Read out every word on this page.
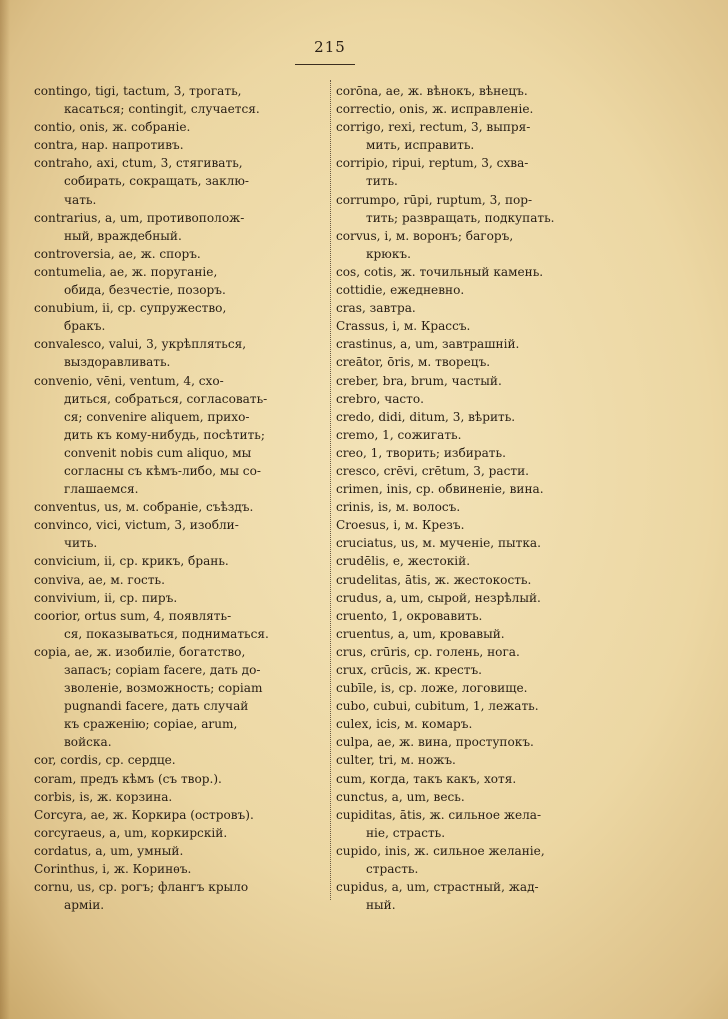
215
contingo, tigi, tactum, 3, трогать,
касаться; contingit, случается.
contio, onis, ж. собраніе.
contra, нар. напротивъ.
contraho, axi, ctum, 3, стягивать,
собирать, сокращать, заклю-
чать.
contrarius, a, um, противополож-
ный, враждебный.
controversia, ae, ж. споръ.
contumelia, ae, ж. поруганіе,
обида, безчестіе, позоръ.
conubium, ii, ср. супружество,
бракъ.
convalesco, valui, 3, укрѣпляться,
выздоравливать.
convenio, vēni, ventum, 4, схо-
диться, собраться, согласовать-
ся; convenire aliquem, прихо-
дить къ кому-нибудь, посѣтить;
convenit nobis cum aliquo, мы
согласны съ кѣмъ-либо, мы со-
глашаемся.
conventus, us, м. собраніе, съѣздъ.
convinco, vici, victum, 3, изобли-
чить.
convicium, ii, ср. крикъ, брань.
conviva, ae, м. гость.
convivium, ii, ср. пиръ.
coorior, ortus sum, 4, появлять-
ся, показываться, подниматься.
copia, ae, ж. изобиліе, богатство,
запасъ; copiam facere, дать до-
зволеніе, возможность; copiam
pugnandi facere, дать случай
къ сраженію; copiae, arum,
войска.
cor, cordis, ср. сердце.
coram, предъ кѣмъ (съ твор.).
corbis, is, ж. корзина.
Corcyra, ae, ж. Коркира (островъ).
corcyraeus, a, um, коркирскій.
cordatus, a, um, умный.
Corinthus, i, ж. Коринѳъ.
cornu, us, ср. рогъ; флангъ крыло
арміи.
corōna, ae, ж. вѣнокъ, вѣнецъ.
correctio, onis, ж. исправленіе.
corrigo, rexi, rectum, 3, выпря-
мить, исправить.
corripio, ripui, reptum, 3, схва-
тить.
corrumpo, rūpi, ruptum, 3, пор-
тить; развращать, подкупать.
corvus, i, м. воронъ; багоръ,
крюкъ.
cos, cotis, ж. точильный камень.
cottidie, ежедневно.
cras, завтра.
Crassus, i, м. Крассъ.
crastinus, a, um, завтрашній.
creātor, ōris, м. творецъ.
creber, bra, brum, частый.
crebro, часто.
credo, didi, ditum, 3, вѣрить.
cremo, 1, сожигать.
creo, 1, творить; избирать.
cresco, crēvi, crētum, 3, расти.
crimen, inis, ср. обвиненіе, вина.
crinis, is, м. волосъ.
Croesus, i, м. Крезъ.
cruciatus, us, м. мученіе, пытка.
crudēlis, e, жестокій.
crudelitas, ātis, ж. жестокость.
crudus, a, um, сырой, незрѣлый.
cruento, 1, окровавить.
cruentus, a, um, кровавый.
crus, crūris, ср. голень, нога.
crux, crūcis, ж. крестъ.
cubīle, is, ср. ложе, логовище.
cubo, cubui, cubitum, 1, лежать.
culex, icis, м. комаръ.
culpa, ae, ж. вина, проступокъ.
culter, tri, м. ножъ.
cum, когда, такъ какъ, хотя.
cunctus, a, um, весь.
cupiditas, ātis, ж. сильное жела-
ніе, страсть.
cupido, inis, ж. сильное желаніе,
страсть.
cupidus, a, um, страстный, жад-
ный.
